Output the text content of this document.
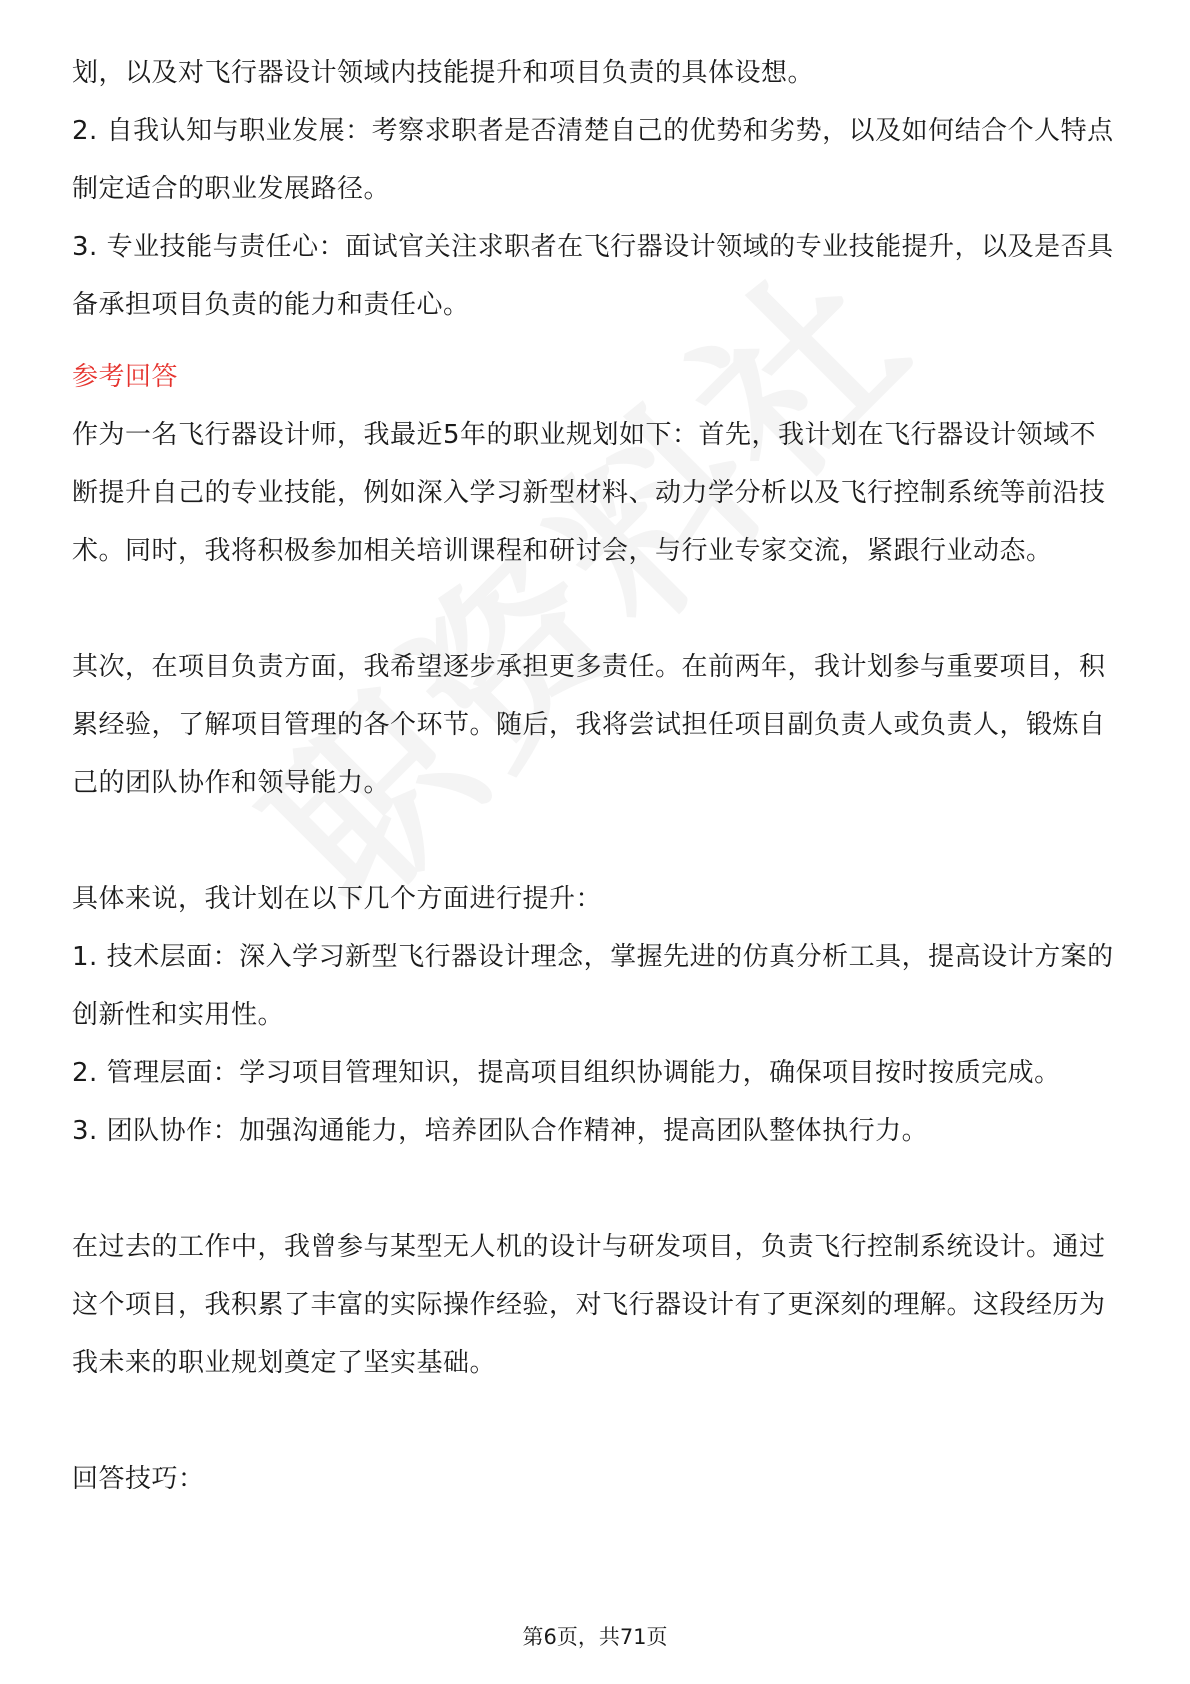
划，以及对飞行器设计领域内技能提升和项目负责的具体设想。

2. 自我认知与职业发展：考察求职者是否清楚自己的优势和劣势，以及如何结合个人特点制定适合的职业发展路径。

3. 专业技能与责任心：面试官关注求职者在飞行器设计领域的专业技能提升，以及是否具备承担项目负责的能力和责任心。

参考回答

作为一名飞行器设计师，我最近5年的职业规划如下：首先，我计划在飞行器设计领域不断提升自己的专业技能，例如深入学习新型材料、动力学分析以及飞行控制系统等前沿技术。同时，我将积极参加相关培训课程和研讨会，与行业专家交流，紧跟行业动态。

其次，在项目负责方面，我希望逐步承担更多责任。在前两年，我计划参与重要项目，积累经验，了解项目管理的各个环节。随后，我将尝试担任项目副负责人或负责人，锻炼自己的团队协作和领导能力。

具体来说，我计划在以下几个方面进行提升：

1. 技术层面：深入学习新型飞行器设计理念，掌握先进的仿真分析工具，提高设计方案的创新性和实用性。

2. 管理层面：学习项目管理知识，提高项目组织协调能力，确保项目按时按质完成。

3. 团队协作：加强沟通能力，培养团队合作精神，提高团队整体执行力。

在过去的工作中，我曾参与某型无人机的设计与研发项目，负责飞行控制系统设计。通过这个项目，我积累了丰富的实际操作经验，对飞行器设计有了更深刻的理解。这段经历为我未来的职业规划奠定了坚实基础。

回答技巧：

第6页，共71页
